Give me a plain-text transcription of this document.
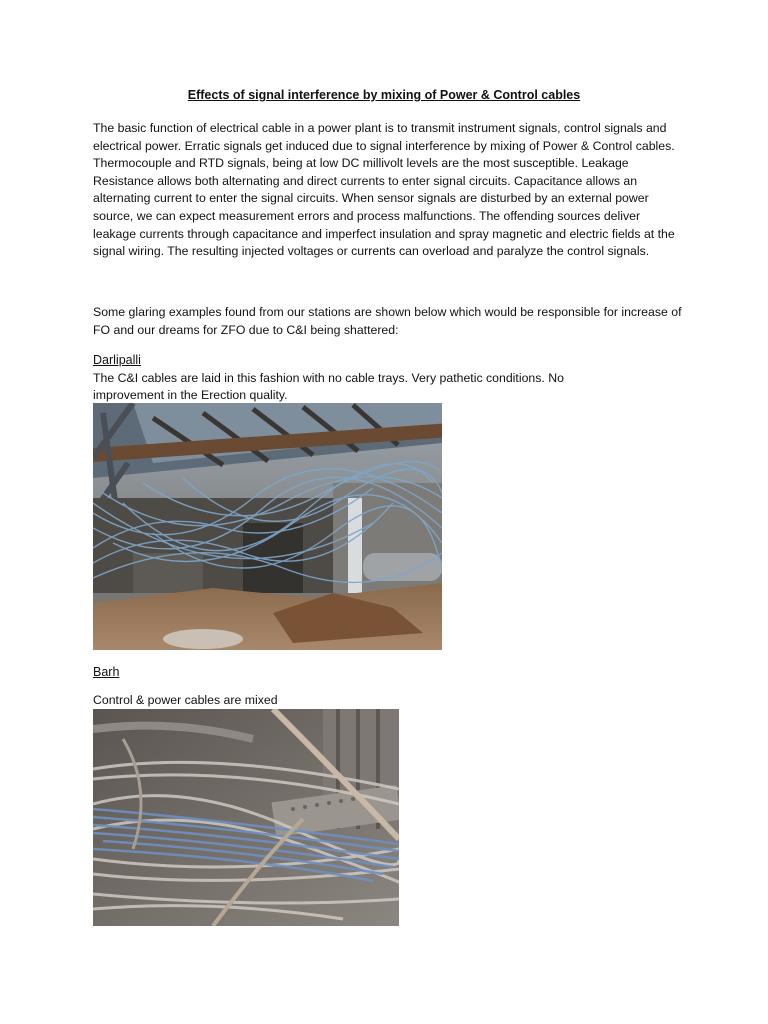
Effects of signal interference by mixing of Power & Control cables

The basic function of electrical cable in a power plant is to transmit instrument signals, control signals and electrical power. Erratic signals get induced due to signal interference by mixing of Power & Control cables. Thermocouple and RTD signals, being at low DC millivolt levels are the most susceptible. Leakage Resistance allows both alternating and direct currents to enter signal circuits. Capacitance allows an alternating current to enter the signal circuits. When sensor signals are disturbed by an external power source, we can expect measurement errors and process malfunctions. The offending sources deliver leakage currents through capacitance and imperfect insulation and spray magnetic and electric fields at the signal wiring. The resulting injected voltages or currents can overload and paralyze the control signals.

Some glaring examples found from our stations are shown below which would be responsible for increase of FO and our dreams for ZFO due to C&I being shattered:

Darlipalli

The C&I cables are laid in this fashion with no cable trays. Very pathetic conditions. No improvement in the Erection quality.

Barh

Control & power cables are mixed
